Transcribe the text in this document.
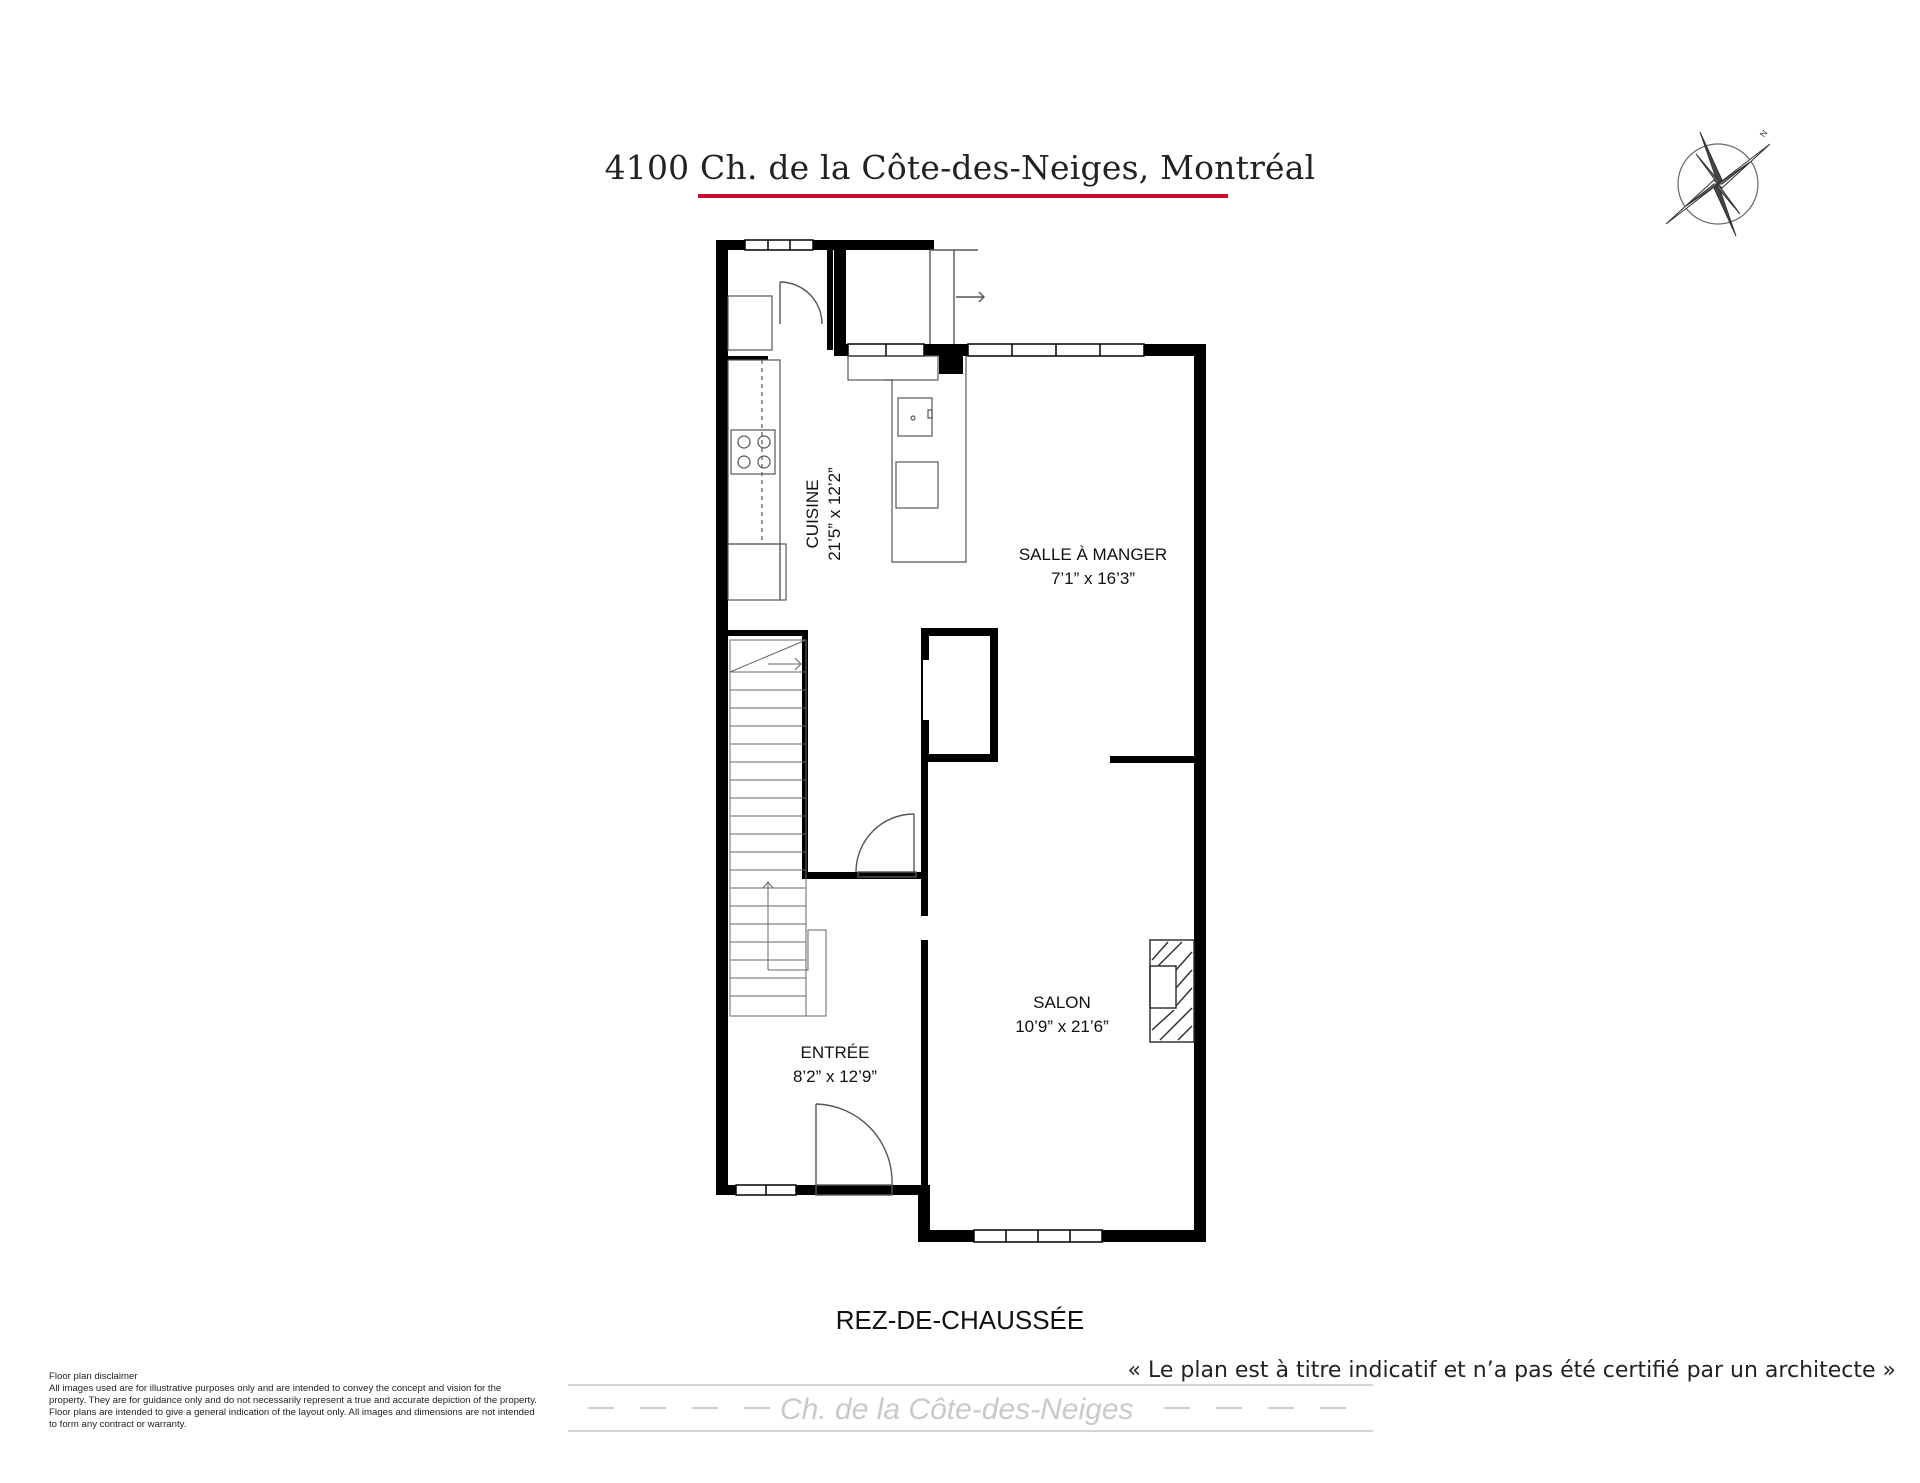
4100 Ch. de la Côte-des-Neiges, Montréal
N
CUISINE 21’5” x 12’2”	SALLE À MANGER
7’1” x 16’3”
SALON
10’9” x 21’6”
ENTRÉE
8’2” x 12’9”
REZ-DE-CHAUSSÉE
Floor plan disclaimer
All images used are for illustrative purposes only and are intended to convey the concept and vision for the property. They are for guidance only and do not necessarily represent a true and accurate depiction of the property. Floor plans are intended to give a general indication of the layout only. All images and dimensions are not intended to form any contract or warranty.
« Le plan est à titre indicatif et n’a pas été certifié par un architecte »
Ch. de la Côte-des-Neiges
